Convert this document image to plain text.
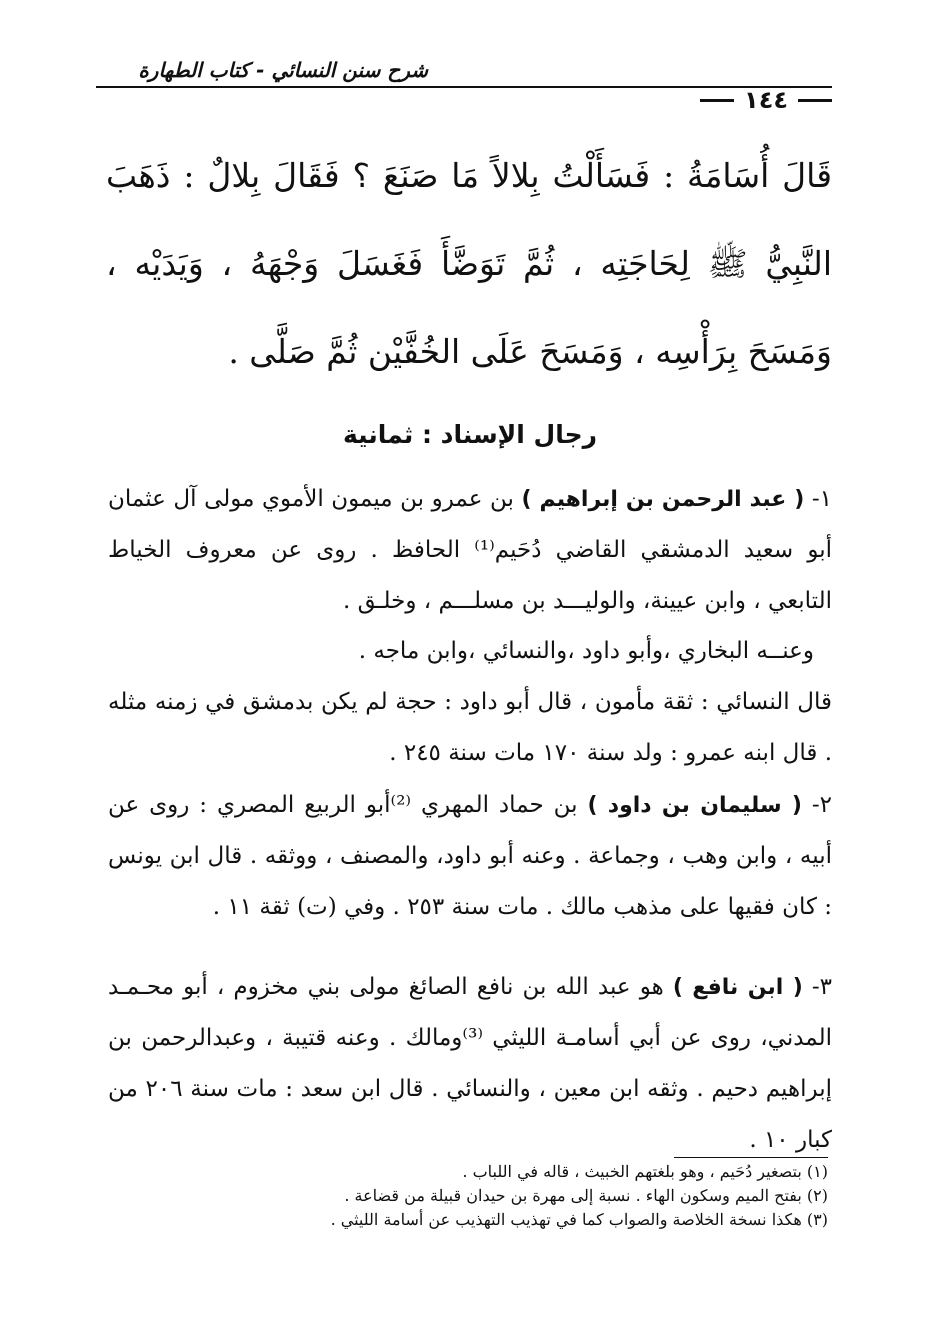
شرح سنن النسائي - كتاب الطهارة
١٤٤
قَالَ أُسَامَةُ : فَسَأَلْتُ بِلالاً مَا صَنَعَ ؟ فَقَالَ بِلالٌ : ذَهَبَ النَّبِيُّ ﷺ لِحَاجَتِه ، ثُمَّ تَوَضَّأَ فَغَسَلَ وَجْهَهُ ، وَيَدَيْه ، وَمَسَحَ بِرَأْسِه ، وَمَسَحَ عَلَى الخُفَّيْن ثُمَّ صَلَّى .
رجال الإسناد : ثمانية
١- ( عبد الرحمن بن إبراهيم ) بن عمرو بن ميمون الأموي مولى آل عثمان أبو سعيد الدمشقي القاضي دُحَيم⁽¹⁾ الحافظ . روى عن معروف الخياط التابعي ، وابن عيينة، والوليـــد بن مسلـــم ، وخلـق .
وعنــه البخاري ،وأبو داود ،والنسائي ،وابن ماجه .
قال النسائي : ثقة مأمون ، قال أبو داود : حجة لم يكن بدمشق في زمنه مثله . قال ابنه عمرو : ولد سنة ١٧٠ مات سنة ٢٤٥ .
٢- ( سليمان بن داود ) بن حماد المهري ⁽²⁾أبو الربيع المصري : روى عن أبيه ، وابن وهب ، وجماعة . وعنه أبو داود، والمصنف ، ووثقه . قال ابن يونس : كان فقيها على مذهب مالك . مات سنة ٢٥٣ . وفي (ت) ثقة ١١ .
٣- ( ابن نافع ) هو عبد الله بن نافع الصائغ مولى بني مخزوم ، أبو محـمـد المدني، روى عن أبي أسامـة الليثي ⁽³⁾ومالك . وعنه قتيبة ، وعبدالرحمن بن إبراهيم دحيم . وثقه ابن معين ، والنسائي . قال ابن سعد : مات سنة ٢٠٦ من كبار ١٠ .
(١) بتصغير دُحَيم ، وهو بلغتهم الخبيث ، قاله في اللباب .
(٢) بفتح الميم وسكون الهاء . نسبة إلى مهرة بن حيدان قبيلة من قضاعة .
(٣) هكذا نسخة الخلاصة والصواب كما في تهذيب التهذيب عن أسامة الليثي .
